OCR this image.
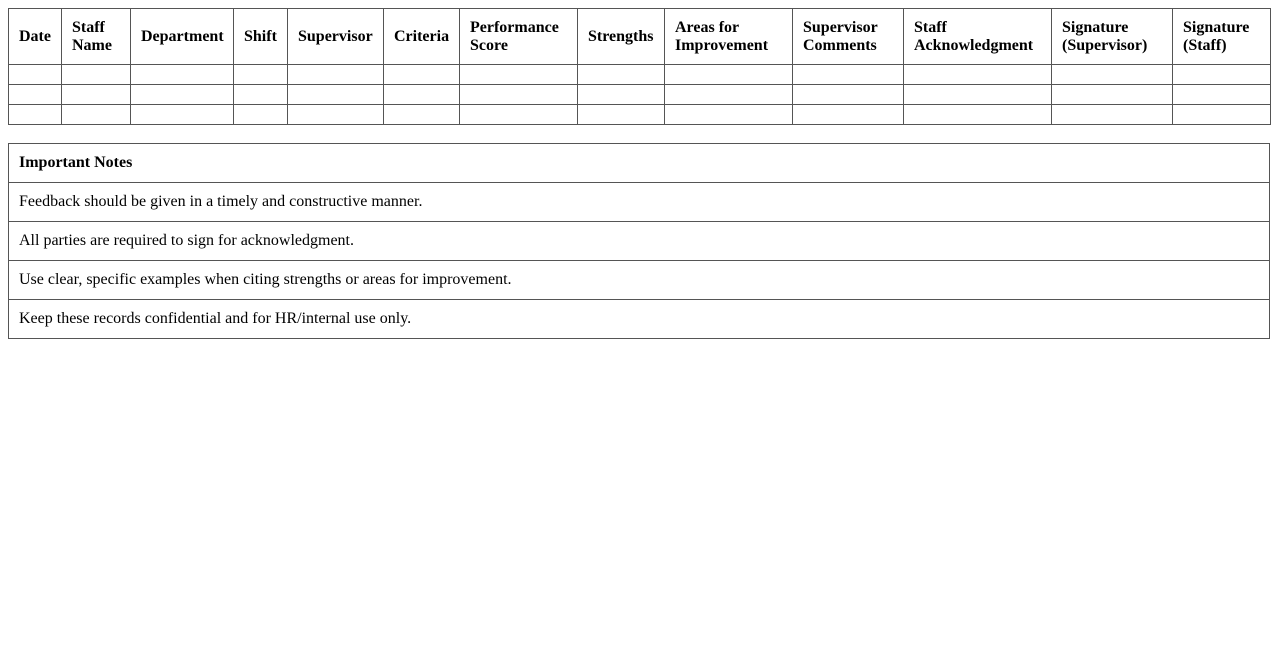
Date	Staff Name	Department	Shift	Supervisor	Criteria	Performance Score	Strengths	Areas for Improvement	Supervisor Comments	Staff Acknowledgment	Signature (Supervisor)	Signature (Staff)

Important Notes
Feedback should be given in a timely and constructive manner.
All parties are required to sign for acknowledgment.
Use clear, specific examples when citing strengths or areas for improvement.
Keep these records confidential and for HR/internal use only.
